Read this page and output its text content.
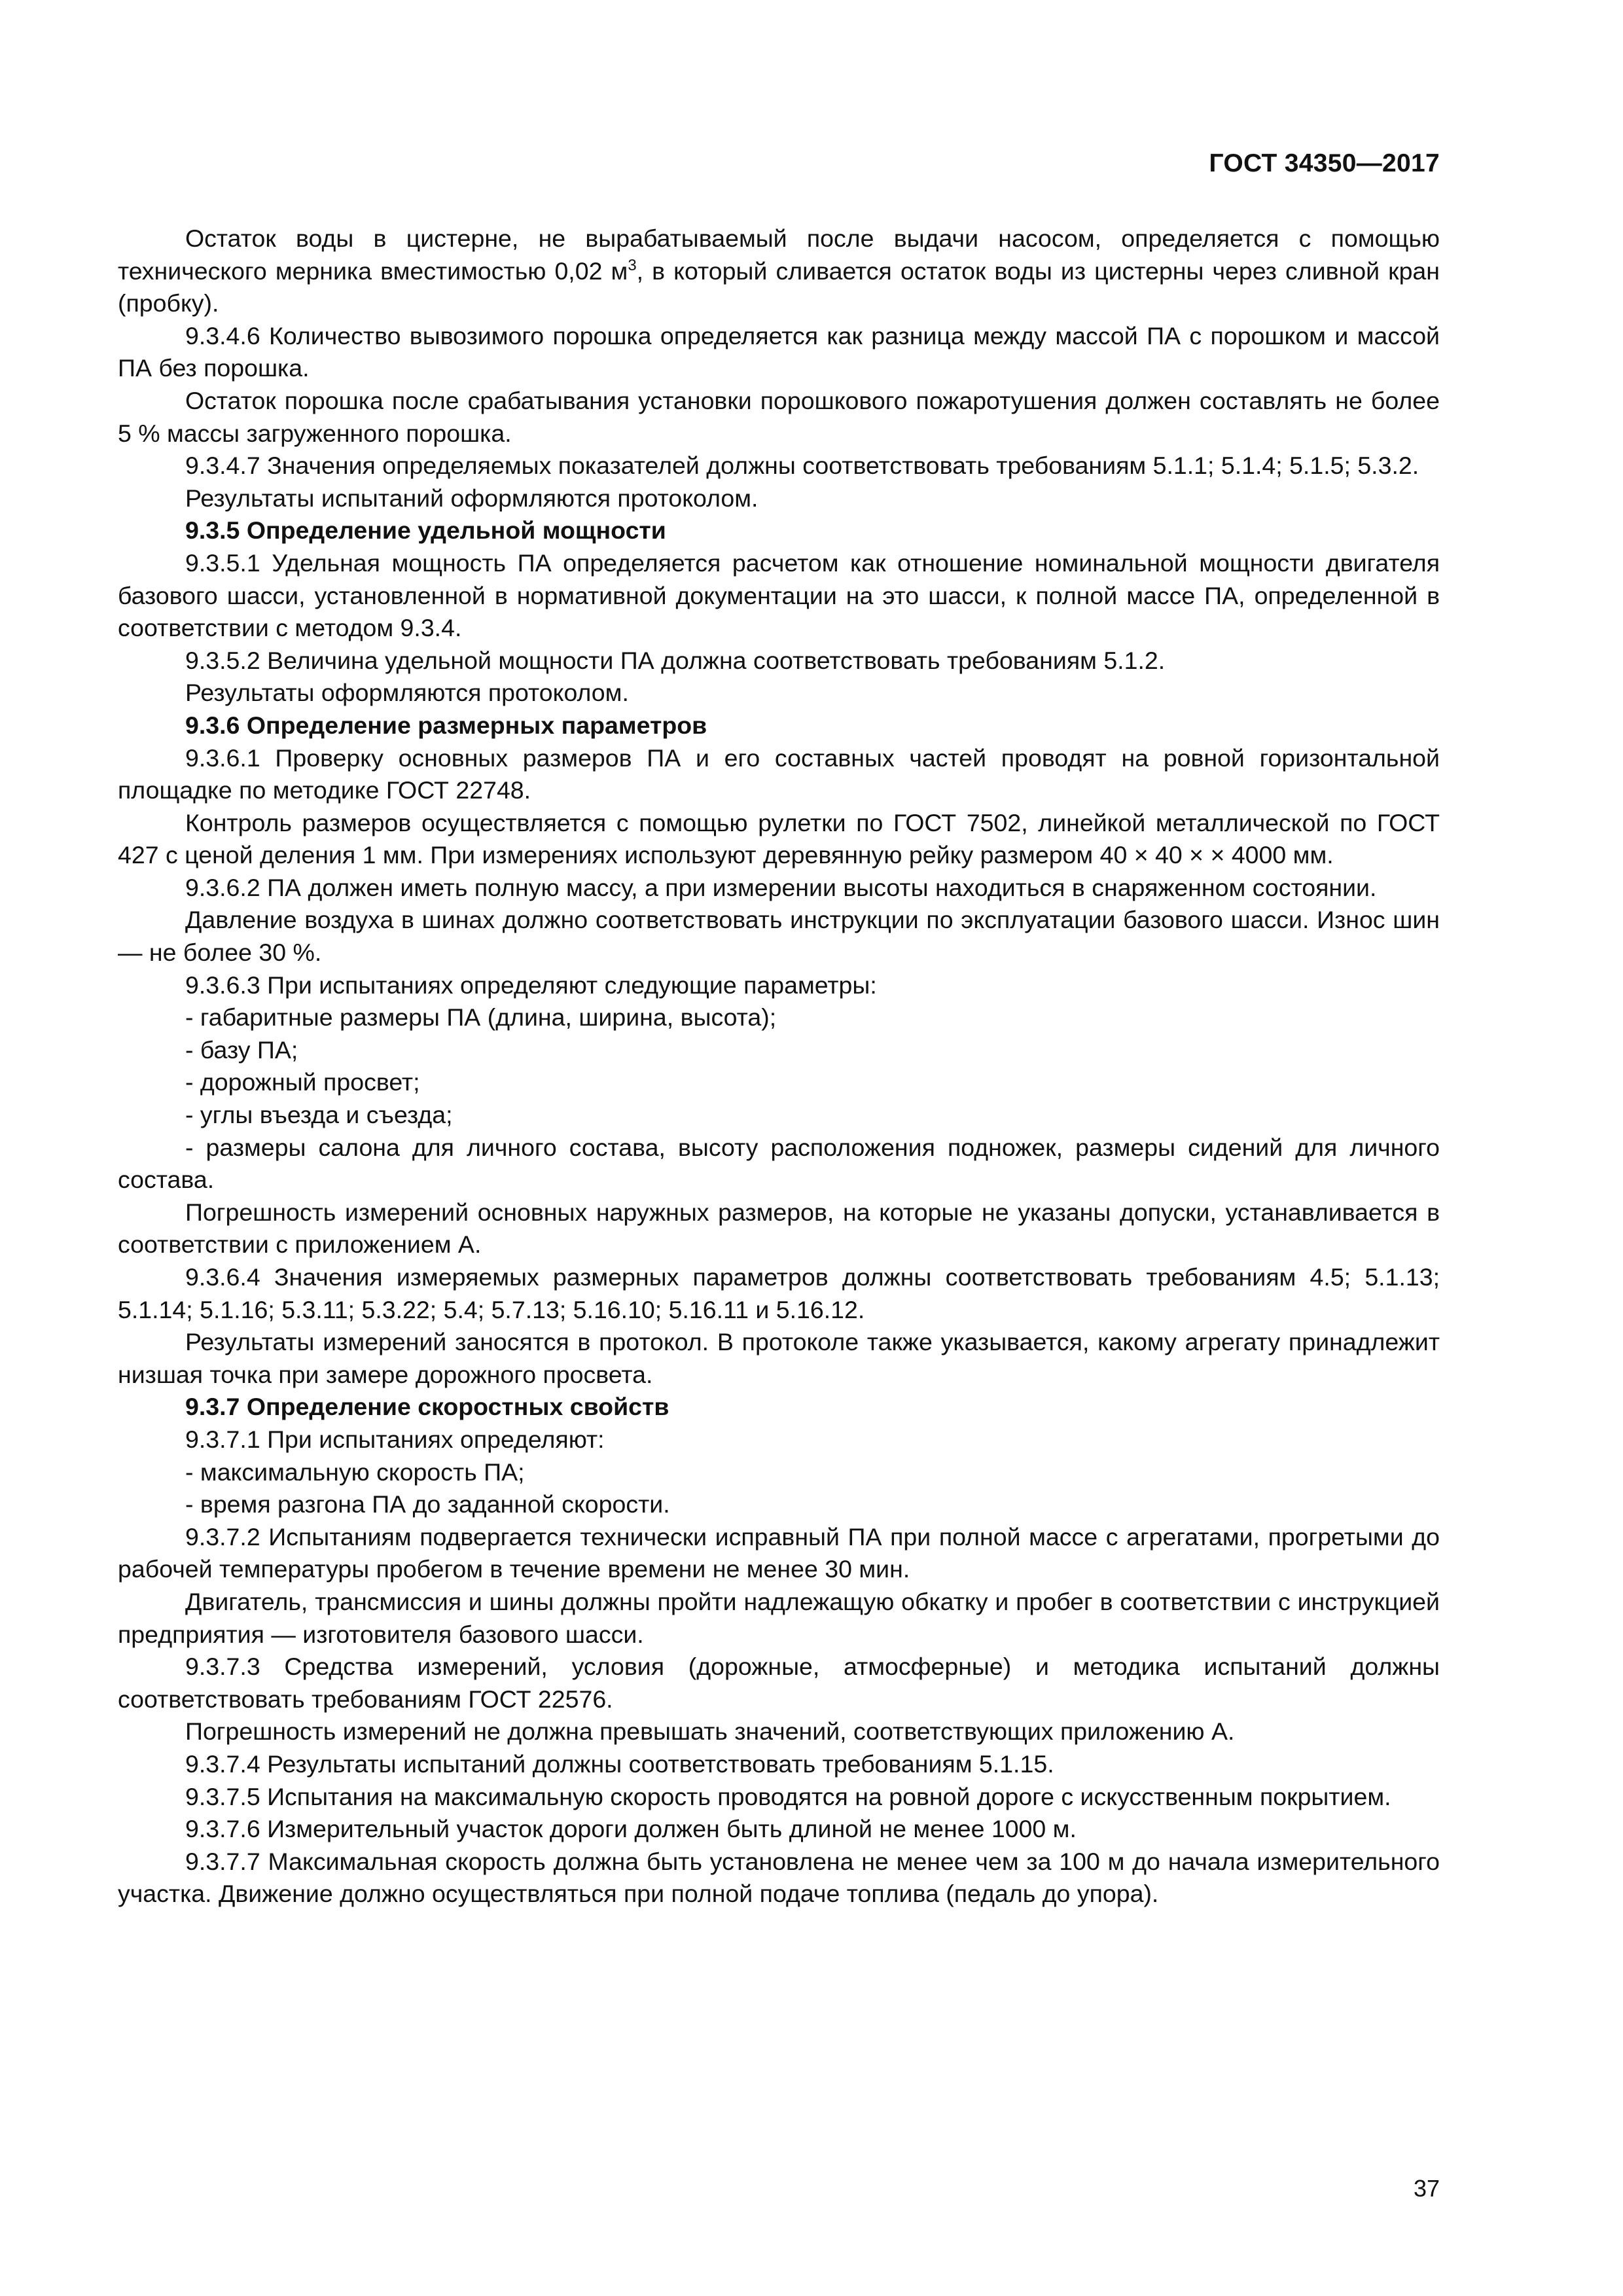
ГОСТ 34350—2017

Остаток воды в цистерне, не вырабатываемый после выдачи насосом, определяется с помощью технического мерника вместимостью 0,02 $м^3$, в который сливается остаток воды из цистерны через сливной кран (пробку).

9.3.4.6 Количество вывозимого порошка определяется как разница между массой ПА с порошком и массой ПА без порошка.

Остаток порошка после срабатывания установки порошкового пожаротушения должен составлять не более 5 % массы загруженного порошка.

9.3.4.7 Значения определяемых показателей должны соответствовать требованиям 5.1.1; 5.1.4; 5.1.5; 5.3.2.

Результаты испытаний оформляются протоколом.

9.3.5 Определение удельной мощности

9.3.5.1 Удельная мощность ПА определяется расчетом как отношение номинальной мощности двигателя базового шасси, установленной в нормативной документации на это шасси, к полной массе ПА, определенной в соответствии с методом 9.3.4.

9.3.5.2 Величина удельной мощности ПА должна соответствовать требованиям 5.1.2.

Результаты оформляются протоколом.

9.3.6 Определение размерных параметров

9.3.6.1 Проверку основных размеров ПА и его составных частей проводят на ровной горизонтальной площадке по методике ГОСТ 22748.

Контроль размеров осуществляется с помощью рулетки по ГОСТ 7502, линейкой металлической по ГОСТ 427 с ценой деления 1 мм. При измерениях используют деревянную рейку размером 40 × 40 × × 4000 мм.

9.3.6.2 ПА должен иметь полную массу, а при измерении высоты находиться в снаряженном состоянии.

Давление воздуха в шинах должно соответствовать инструкции по эксплуатации базового шасси. Износ шин — не более 30 %.

9.3.6.3 При испытаниях определяют следующие параметры:

- габаритные размеры ПА (длина, ширина, высота);

- базу ПА;

- дорожный просвет;

- углы въезда и съезда;

- размеры салона для личного состава, высоту расположения подножек, размеры сидений для личного состава.

Погрешность измерений основных наружных размеров, на которые не указаны допуски, устанавливается в соответствии с приложением А.

9.3.6.4 Значения измеряемых размерных параметров должны соответствовать требованиям 4.5; 5.1.13; 5.1.14; 5.1.16; 5.3.11; 5.3.22; 5.4; 5.7.13; 5.16.10; 5.16.11 и 5.16.12.

Результаты измерений заносятся в протокол. В протоколе также указывается, какому агрегату принадлежит низшая точка при замере дорожного просвета.

9.3.7 Определение скоростных свойств

9.3.7.1 При испытаниях определяют:

- максимальную скорость ПА;

- время разгона ПА до заданной скорости.

9.3.7.2 Испытаниям подвергается технически исправный ПА при полной массе с агрегатами, прогретыми до рабочей температуры пробегом в течение времени не менее 30 мин.

Двигатель, трансмиссия и шины должны пройти надлежащую обкатку и пробег в соответствии с инструкцией предприятия — изготовителя базового шасси.

9.3.7.3 Средства измерений, условия (дорожные, атмосферные) и методика испытаний должны соответствовать требованиям ГОСТ 22576.

Погрешность измерений не должна превышать значений, соответствующих приложению А.

9.3.7.4 Результаты испытаний должны соответствовать требованиям 5.1.15.

9.3.7.5 Испытания на максимальную скорость проводятся на ровной дороге с искусственным покрытием.

9.3.7.6 Измерительный участок дороги должен быть длиной не менее 1000 м.

9.3.7.7 Максимальная скорость должна быть установлена не менее чем за 100 м до начала измерительного участка. Движение должно осуществляться при полной подаче топлива (педаль до упора).

37
